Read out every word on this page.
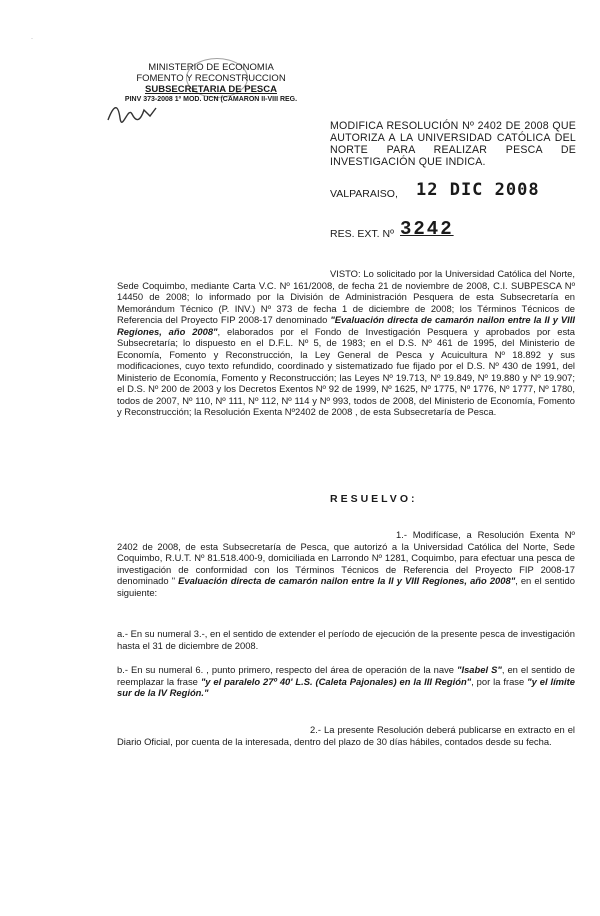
·
MINISTERIO DE ECONOMIA
FOMENTO Y RECONSTRUCCION
SUBSECRETARIA DE PESCA
PINV 373-2008 1º MOD. UCN (CAMARON II-VIII REG.
MODIFICA RESOLUCIÓN Nº 2402 DE 2008 QUE AUTORIZA A LA UNIVERSIDAD CATÓLICA DEL NORTE PARA REALIZAR PESCA DE INVESTIGACIÓN QUE INDICA.
VALPARAISO, 12 DIC 2008
RES. EXT. Nº 3242
VISTO: Lo solicitado por la Universidad Católica del Norte, Sede Coquimbo, mediante Carta V.C. Nº 161/2008, de fecha 21 de noviembre de 2008, C.I. SUBPESCA Nº 14450 de 2008; lo informado por la División de Administración Pesquera de esta Subsecretaría en Memorándum Técnico (P. INV.) Nº 373 de fecha 1 de diciembre de 2008; los Términos Técnicos de Referencia del Proyecto FIP 2008-17 denominado "Evaluación directa de camarón nailon entre la II y VIII Regiones, año 2008", elaborados por el Fondo de Investigación Pesquera y aprobados por esta Subsecretaría; lo dispuesto en el D.F.L. Nº 5, de 1983; en el D.S. Nº 461 de 1995, del Ministerio de Economía, Fomento y Reconstrucción, la Ley General de Pesca y Acuicultura Nº 18.892 y sus modificaciones, cuyo texto refundido, coordinado y sistematizado fue fijado por el D.S. Nº 430 de 1991, del Ministerio de Economía, Fomento y Reconstrucción; las Leyes Nº 19.713, Nº 19.849, Nº 19.880 y Nº 19.907; el D.S. Nº 200 de 2003 y los Decretos Exentos Nº 92 de 1999, Nº 1625, Nº 1775, Nº 1776, Nº 1777, Nº 1780, todos de 2007, Nº 110, Nº 111, Nº 112, Nº 114 y Nº 993, todos de 2008, del Ministerio de Economía, Fomento y Reconstrucción; la Resolución Exenta Nº2402 de 2008 , de esta Subsecretaría de Pesca.
RESUELVO:
1.- Modifícase, a Resolución Exenta Nº 2402 de 2008, de esta Subsecretaría de Pesca, que autorizó a la Universidad Católica del Norte, Sede Coquimbo, R.U.T. Nº 81.518.400-9, domiciliada en Larrondo Nº 1281, Coquimbo, para efectuar una pesca de investigación de conformidad con los Términos Técnicos de Referencia del Proyecto FIP 2008-17 denominado " Evaluación directa de camarón nailon entre la II y VIII Regiones, año 2008", en el sentido siguiente:
a.- En su numeral 3.-, en el sentido de extender el período de ejecución de la presente pesca de investigación hasta el 31 de diciembre de 2008.
b.- En su numeral 6. , punto primero, respecto del área de operación de la nave "Isabel S", en el sentido de reemplazar la frase "y el paralelo 27º 40' L.S. (Caleta Pajonales) en la III Región", por la frase "y el límite sur de la IV Región."
2.- La presente Resolución deberá publicarse en extracto en el Diario Oficial, por cuenta de la interesada, dentro del plazo de 30 días hábiles, contados desde su fecha.
